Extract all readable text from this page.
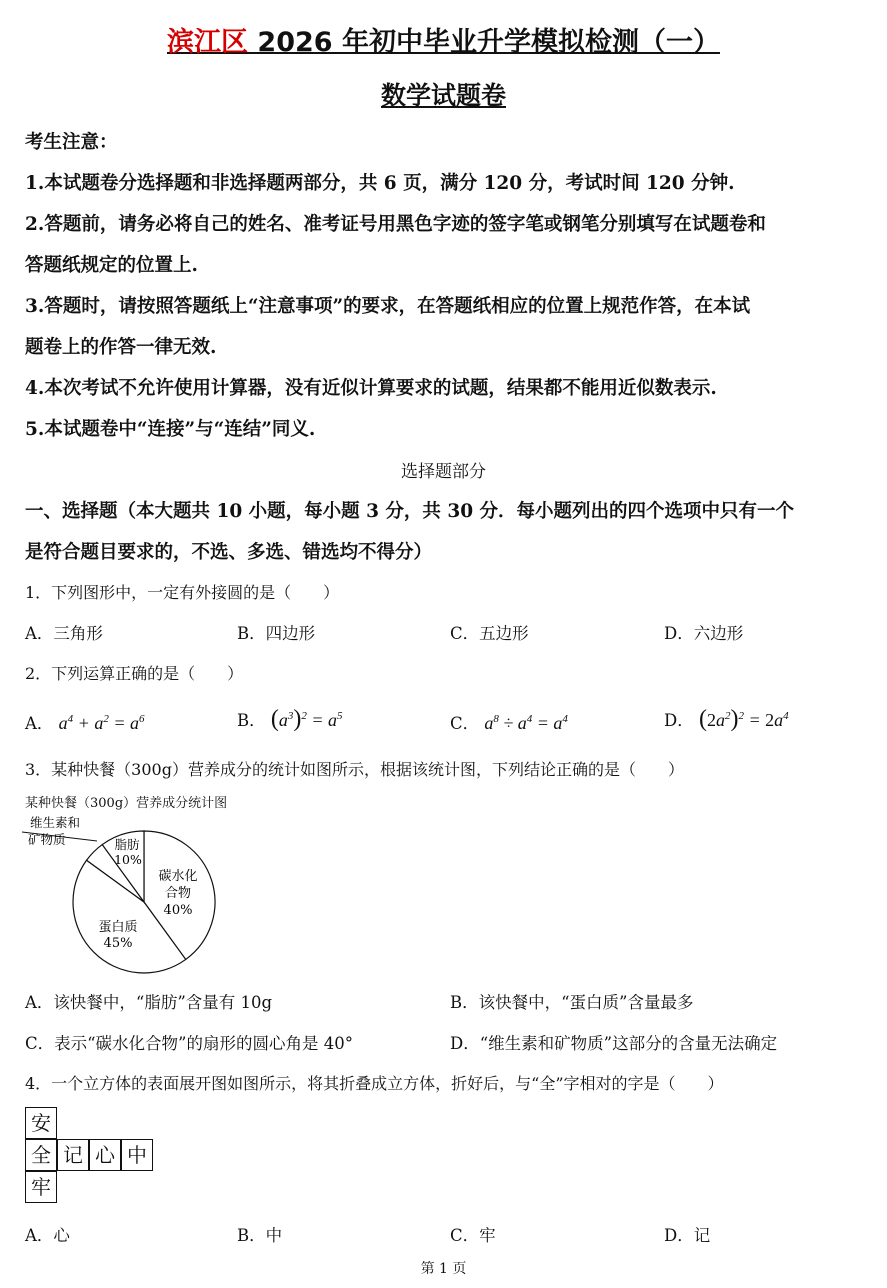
滨江区 2026 年初中毕业升学模拟检测（一）
数学试题卷
考生注意：
1.本试题卷分选择题和非选择题两部分，共 6 页，满分 120 分，考试时间 120 分钟.
2.答题前，请务必将自己的姓名、准考证号用黑色字迹的签字笔或钢笔分别填写在试题卷和
答题纸规定的位置上.
3.答题时，请按照答题纸上“注意事项”的要求，在答题纸相应的位置上规范作答，在本试
题卷上的作答一律无效.
4.本次考试不允许使用计算器，没有近似计算要求的试题，结果都不能用近似数表示.
5.本试题卷中“连接”与“连结”同义.
选择题部分
一、选择题（本大题共 10 小题，每小题 3 分，共 30 分．每小题列出的四个选项中只有一个
是符合题目要求的，不选、多选、错选均不得分）
1．下列图形中，一定有外接圆的是（　　）
A．三角形	B．四边形	C．五边形	D．六边形
2．下列运算正确的是（　　）
A． $a^4 + a^2 = a^6$	B． $(a^3)^2 = a^5$	C． $a^8 \div a^4 = a^4$	D． $(2a^2)^2 = 2a^4$
3．某种快餐（300g）营养成分的统计如图所示，根据该统计图，下列结论正确的是（　　）
某种快餐（300g）营养成分统计图
维生素和
矿物质	脂肪
10%
碳水化
合物
40%
蛋白质
45%
A．该快餐中，“脂肪”含量有 10g	B．该快餐中，“蛋白质”含量最多
C．表示“碳水化合物”的扇形的圆心角是 40°	D．“维生素和矿物质”这部分的含量无法确定
4．一个立方体的表面展开图如图所示，将其折叠成立方体，折好后，与“全”字相对的字是（　　）
安
全 记 心 中
牢
A．心	B．中	C．牢	D．记
第 1 页
